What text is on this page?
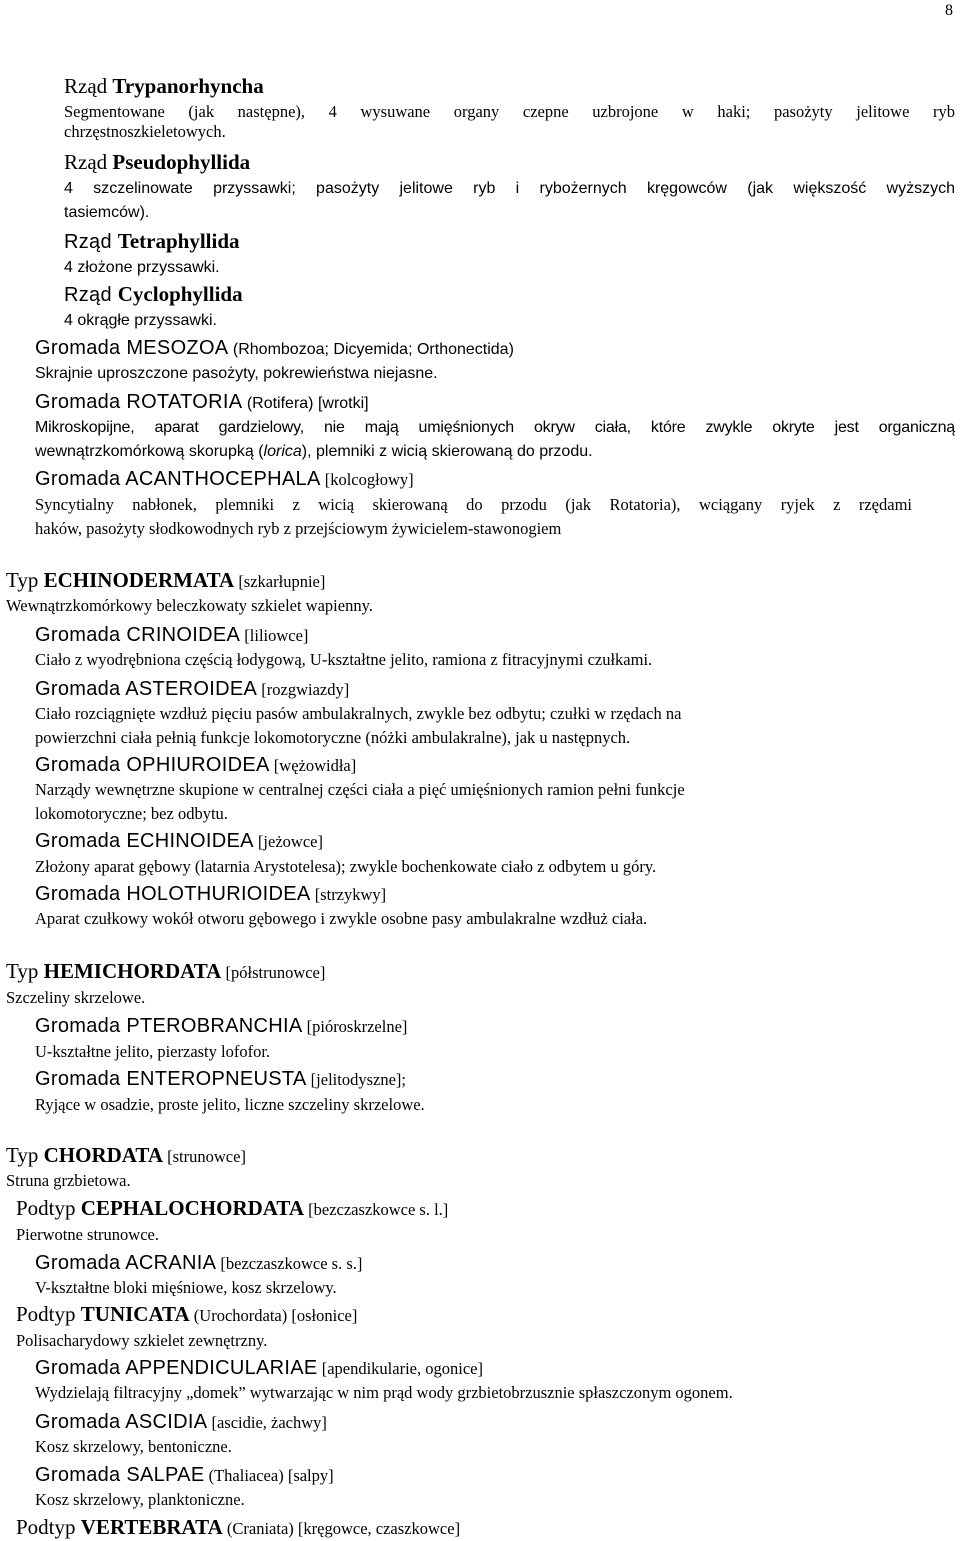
8
Rząd Trypanorhyncha
Segmentowane (jak następne), 4 wysuwane organy czepne uzbrojone w haki; pasożyty jelitowe ryb
chrzęstnoszkieletowych.
Rząd Pseudophyllida
4 szczelinowate przyssawki; pasożyty jelitowe ryb i rybożernych kręgowców (jak większość wyższych
tasiemców).
Rząd Tetraphyllida
4 złożone przyssawki.
Rząd Cyclophyllida
4 okrągłe przyssawki.
Gromada MESOZOA (Rhombozoa; Dicyemida; Orthonectida)
Skrajnie uproszczone pasożyty, pokrewieństwa niejasne.
Gromada ROTATORIA (Rotifera) [wrotki]
Mikroskopijne, aparat gardzielowy, nie mają umięśnionych okryw ciała, które zwykle okryte jest organiczną
wewnątrzkomórkową skorupką (lorica), plemniki z wicią skierowaną do przodu.
Gromada ACANTHOCEPHALA [kolcogłowy]
Syncytialny nabłonek, plemniki z wicią skierowaną do przodu (jak Rotatoria), wciągany ryjek z rzędami
haków, pasożyty słodkowodnych ryb z przejściowym żywicielem-stawonogiem
Typ ECHINODERMATA [szkarłupnie]
Wewnątrzkomórkowy beleczkowaty szkielet wapienny.
Gromada CRINOIDEA [liliowce]
Ciało z wyodrębniona częścią łodygową, U-kształtne jelito, ramiona z fitracyjnymi czułkami.
Gromada ASTEROIDEA [rozgwiazdy]
Ciało rozciągnięte wzdłuż pięciu pasów ambulakralnych, zwykle bez odbytu; czułki w rzędach na
powierzchni ciała pełnią funkcje lokomotoryczne (nóżki ambulakralne), jak u następnych.
Gromada OPHIUROIDEA [wężowidła]
Narządy wewnętrzne skupione w centralnej części ciała a pięć umięśnionych ramion pełni funkcje
lokomotoryczne; bez odbytu.
Gromada ECHINOIDEA [jeżowce]
Złożony aparat gębowy (latarnia Arystotelesa); zwykle bochenkowate ciało z odbytem u góry.
Gromada HOLOTHURIOIDEA [strzykwy]
Aparat czułkowy wokół otworu gębowego i zwykle osobne pasy ambulakralne wzdłuż ciała.
Typ HEMICHORDATA [półstrunowce]
Szczeliny skrzelowe.
Gromada PTEROBRANCHIA [pióroskrzelne]
U-kształtne jelito, pierzasty lofofor.
Gromada ENTEROPNEUSTA [jelitodyszne];
Ryjące w osadzie, proste jelito, liczne szczeliny skrzelowe.
Typ CHORDATA [strunowce]
Struna grzbietowa.
Podtyp CEPHALOCHORDATA [bezczaszkowce s. l.]
Pierwotne strunowce.
Gromada ACRANIA [bezczaszkowce s. s.]
V-kształtne bloki mięśniowe, kosz skrzelowy.
Podtyp TUNICATA (Urochordata) [osłonice]
Polisacharydowy szkielet zewnętrzny.
Gromada APPENDICULARIAE [apendikularie, ogonice]
Wydzielają filtracyjny „domek” wytwarzając w nim prąd wody grzbietobrzusznie spłaszczonym ogonem.
Gromada ASCIDIA [ascidie, żachwy]
Kosz skrzelowy, bentoniczne.
Gromada SALPAE (Thaliacea) [salpy]
Kosz skrzelowy, planktoniczne.
Podtyp VERTEBRATA (Craniata) [kręgowce, czaszkowce]
